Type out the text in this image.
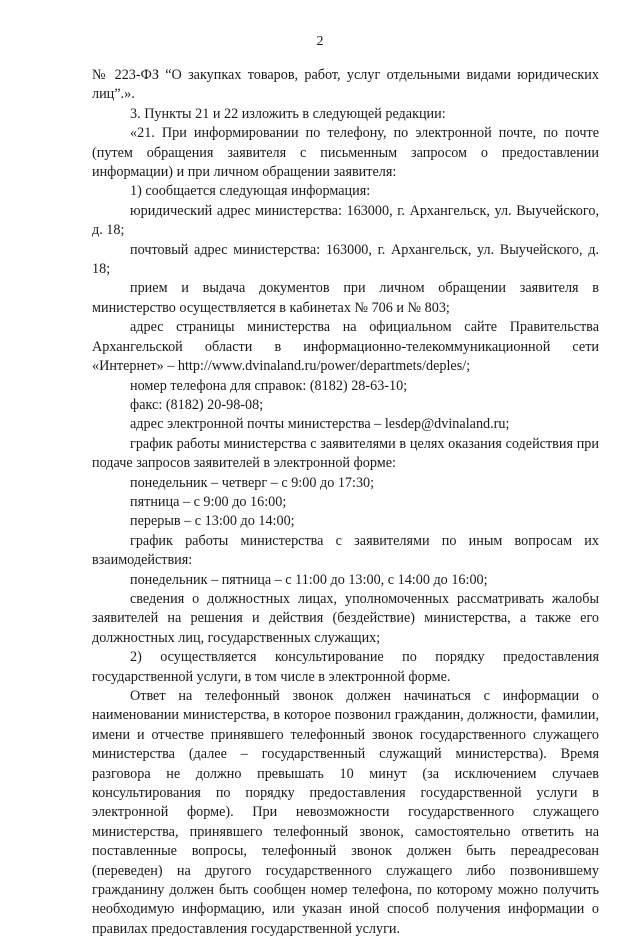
2

№ 223-ФЗ “О закупках товаров, работ, услуг отдельными видами юридических лиц”.».

3. Пункты 21 и 22 изложить в следующей редакции:

«21. При информировании по телефону, по электронной почте, по почте (путем обращения заявителя с письменным запросом о предоставлении информации) и при личном обращении заявителя:

1) сообщается следующая информация:

юридический адрес министерства: 163000, г. Архангельск, ул. Выучейского, д. 18;

почтовый адрес министерства: 163000, г. Архангельск, ул. Выучейского, д. 18;

прием и выдача документов при личном обращении заявителя в министерство осуществляется в кабинетах № 706 и № 803;

адрес страницы министерства на официальном сайте Правительства Архангельской области в информационно-телекоммуникационной сети «Интернет» – http://www.dvinaland.ru/power/departmets/deples/;

номер телефона для справок: (8182) 28-63-10;

факс: (8182) 20-98-08;

адрес электронной почты министерства – lesdep@dvinaland.ru;

график работы министерства с заявителями в целях оказания содействия при подаче запросов заявителей в электронной форме:

понедельник – четверг – с 9:00 до 17:30;

пятница – с 9:00 до 16:00;

перерыв – с 13:00 до 14:00;

график работы министерства с заявителями по иным вопросам их взаимодействия:

понедельник – пятница – с 11:00 до 13:00, с 14:00 до 16:00;

сведения о должностных лицах, уполномоченных рассматривать жалобы заявителей на решения и действия (бездействие) министерства, а также его должностных лиц, государственных служащих;

2) осуществляется консультирование по порядку предоставления государственной услуги, в том числе в электронной форме.

Ответ на телефонный звонок должен начинаться с информации о наименовании министерства, в которое позвонил гражданин, должности, фамилии, имени и отчестве принявшего телефонный звонок государственного служащего министерства (далее – государственный служащий министерства). Время разговора не должно превышать 10 минут (за исключением случаев консультирования по порядку предоставления государственной услуги в электронной форме). При невозможности государственного служащего министерства, принявшего телефонный звонок, самостоятельно ответить на поставленные вопросы, телефонный звонок должен быть переадресован (переведен) на другого государственного служащего либо позвонившему гражданину должен быть сообщен номер телефона, по которому можно получить необходимую информацию, или указан иной способ получения информации о правилах предоставления государственной услуги.
